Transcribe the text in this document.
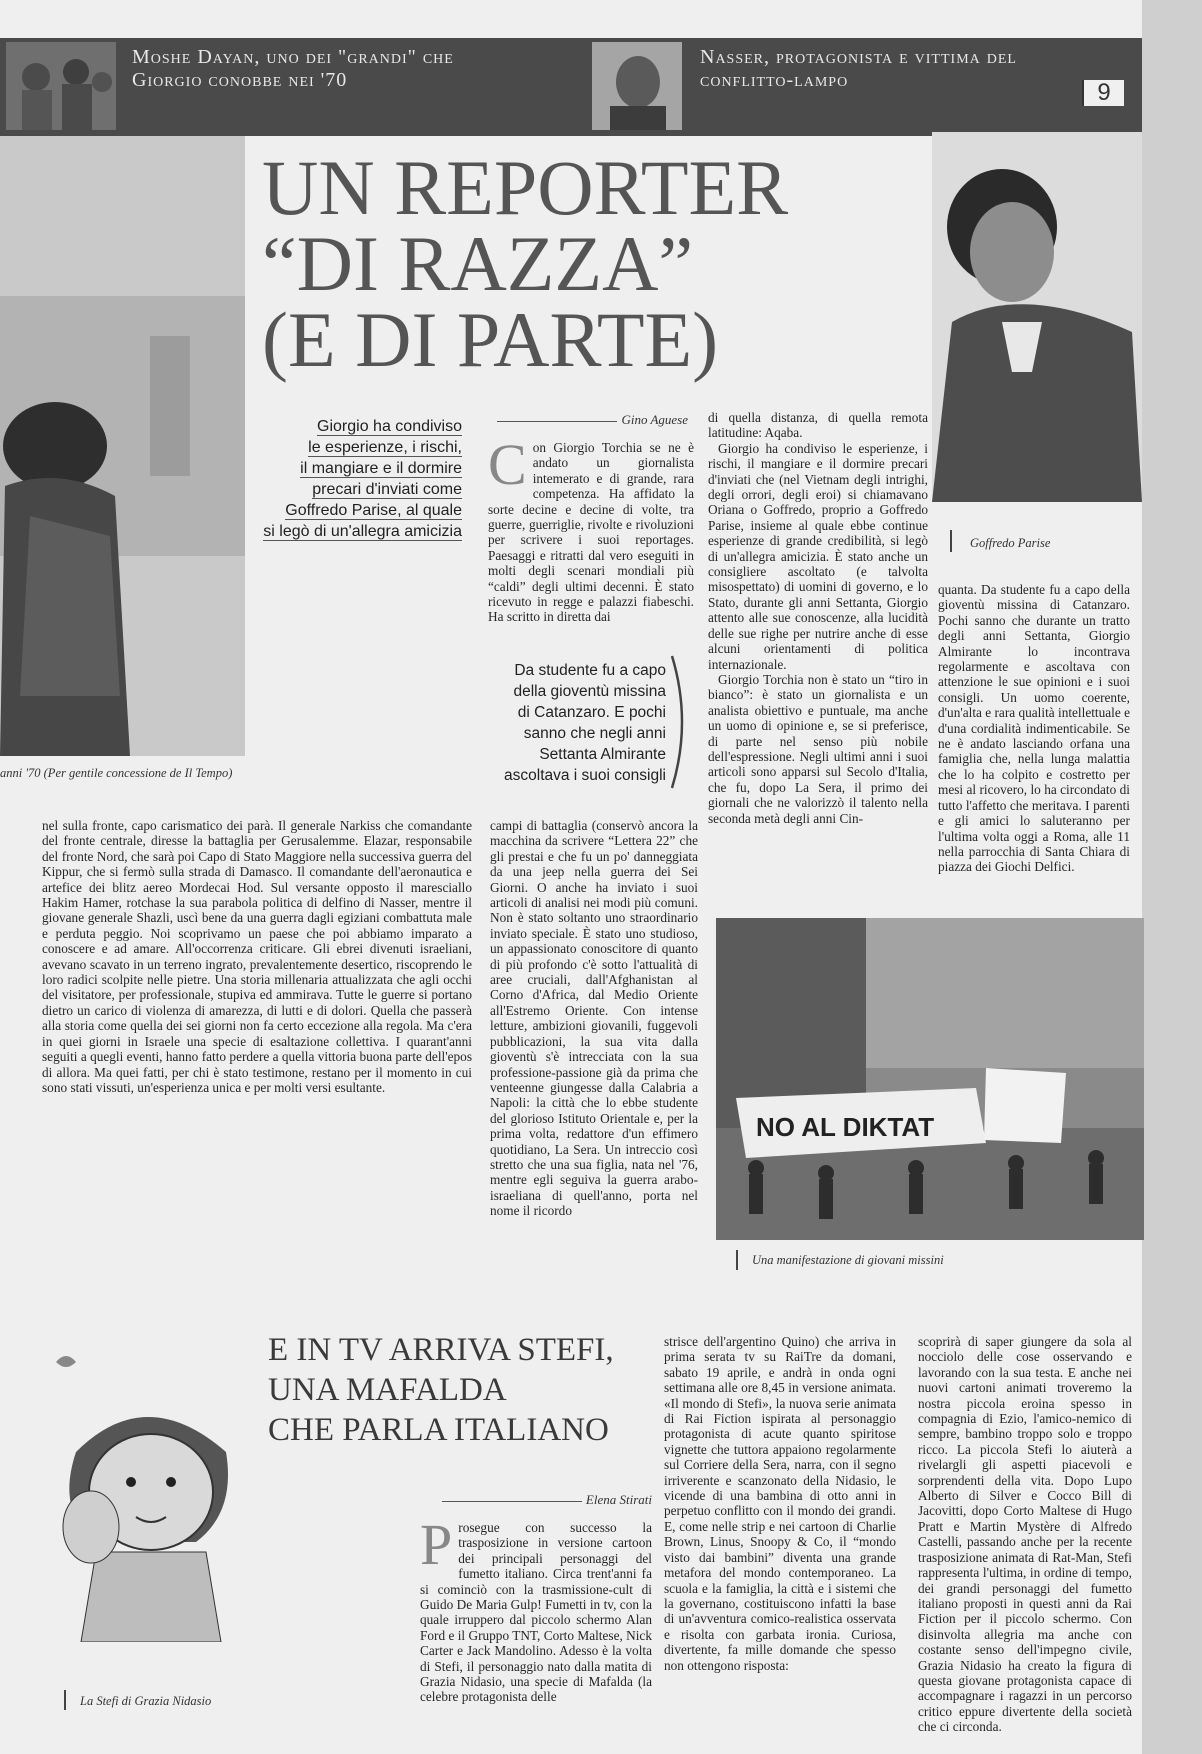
Moshe Dayan, uno dei "grandi" che Giorgio conobbe nei '70
Nasser, protagonista e vittima del conflitto-lampo	9
anni '70 (Per gentile concessione de Il Tempo)
UN REPORTER
“DI RAZZA”
(E DI PARTE)
Goffredo Parise
Giorgio ha condiviso
le esperienze, i rischi,
il mangiare e il dormire
precari d'inviati come
Goffredo Parise, al quale
si legò di un'allegra amicizia
Gino Aguese
Con Giorgio Torchia se ne è andato un giornalista intemerato e di grande, rara competenza. Ha affidato la sorte decine e decine di volte, tra guerre, guerriglie, rivolte e rivoluzioni per scrivere i suoi reportages. Paesaggi e ritratti dal vero eseguiti in molti degli scenari mondiali più “caldi” degli ultimi decenni. È stato ricevuto in regge e palazzi fiabeschi. Ha scritto in diretta dai
Da studente fu a capo
della gioventù missina
di Catanzaro. E pochi
sanno che negli anni
Settanta Almirante
ascoltava i suoi consigli

di quella distanza, di quella remota latitudine: Aqaba.

Giorgio ha condiviso le esperienze, i rischi, il mangiare e il dormire precari d'inviati che (nel Vietnam degli intrighi, degli orrori, degli eroi) si chiamavano Oriana o Goffredo, proprio a Goffredo Parise, insieme al quale ebbe continue esperienze di grande credibilità, si legò di un'allegra amicizia. È stato anche un consigliere ascoltato (e talvolta misospettato) di uomini di governo, e lo Stato, durante gli anni Settanta, Giorgio attento alle sue conoscenze, alla lucidità delle sue righe per nutrire anche di esse alcuni orientamenti di politica internazionale.

Giorgio Torchia non è stato un “tiro in bianco”: è stato un giornalista e un analista obiettivo e puntuale, ma anche un uomo di opinione e, se si preferisce, di parte nel senso più nobile dell'espressione. Negli ultimi anni i suoi articoli sono apparsi sul Secolo d'Italia, che fu, dopo La Sera, il primo dei giornali che ne valorizzò il talento nella seconda metà degli anni Cin-

quanta. Da studente fu a capo della gioventù missina di Catanzaro. Pochi sanno che durante un tratto degli anni Settanta, Giorgio Almirante lo incontrava regolarmente e ascoltava con attenzione le sue opinioni e i suoi consigli. Un uomo coerente, d'un'alta e rara qualità intellettuale e d'una cordialità indimenticabile. Se ne è andato lasciando orfana una famiglia che, nella lunga malattia che lo ha colpito e costretto per mesi al ricovero, lo ha circondato di tutto l'affetto che meritava. I parenti e gli amici lo saluteranno per l'ultima volta oggi a Roma, alle 11 nella parrocchia di Santa Chiara di piazza dei Giochi Delfici.

nel sulla fronte, capo carismatico dei parà. Il generale Narkiss che comandante del fronte centrale, diresse la battaglia per Gerusalemme. Elazar, responsabile del fronte Nord, che sarà poi Capo di Stato Maggiore nella successiva guerra del Kippur, che si fermò sulla strada di Damasco. Il comandante dell'aeronautica e artefice dei blitz aereo Mordecai Hod. Sul versante opposto il maresciallo Hakim Hamer, rotchase la sua parabola politica di delfino di Nasser, mentre il giovane generale Shazli, uscì bene da una guerra dagli egiziani combattuta male e perduta peggio. Noi scoprivamo un paese che poi abbiamo imparato a conoscere e ad amare. All'occorrenza criticare. Gli ebrei divenuti israeliani, avevano scavato in un terreno ingrato, prevalentemente desertico, riscoprendo le loro radici scolpite nelle pietre. Una storia millenaria attualizzata che agli occhi del visitatore, per professionale, stupiva ed ammirava. Tutte le guerre si portano dietro un carico di violenza di amarezza, di lutti e di dolori. Quella che passerà alla storia come quella dei sei giorni non fa certo eccezione alla regola. Ma c'era in quei giorni in Israele una specie di esaltazione collettiva. I quarant'anni seguiti a quegli eventi, hanno fatto perdere a quella vittoria buona parte dell'epos di allora. Ma quei fatti, per chi è stato testimone, restano per il momento in cui sono stati vissuti, un'esperienza unica e per molti versi esultante.

campi di battaglia (conservò ancora la macchina da scrivere “Lettera 22” che gli prestai e che fu un po' danneggiata da una jeep nella guerra dei Sei Giorni. O anche ha inviato i suoi articoli di analisi nei modi più comuni. Non è stato soltanto uno straordinario inviato speciale. È stato uno studioso, un appassionato conoscitore di quanto di più profondo c'è sotto l'attualità di aree cruciali, dall'Afghanistan al Corno d'Africa, dal Medio Oriente all'Estremo Oriente. Con intense letture, ambizioni giovanili, fuggevoli pubblicazioni, la sua vita dalla gioventù s'è intrecciata con la sua professione-passione già da prima che venteenne giungesse dalla Calabria a Napoli: la città che lo ebbe studente del glorioso Istituto Orientale e, per la prima volta, redattore d'un effimero quotidiano, La Sera. Un intreccio così stretto che una sua figlia, nata nel '76, mentre egli seguiva la guerra arabo-israeliana di quell'anno, porta nel nome il ricordo

NO AL DIKTAT
Una manifestazione di giovani missini
La Stefi di Grazia Nidasio
E IN TV ARRIVA STEFI,
UNA MAFALDA
CHE PARLA ITALIANO
Elena Stirati
Prosegue con successo la trasposizione in versione cartoon dei principali personaggi del fumetto italiano. Circa trent'anni fa si cominciò con la trasmissione-cult di Guido De Maria Gulp! Fumetti in tv, con la quale irruppero dal piccolo schermo Alan Ford e il Gruppo TNT, Corto Maltese, Nick Carter e Jack Mandolino. Adesso è la volta di Stefi, il personaggio nato dalla matita di Grazia Nidasio, una specie di Mafalda (la celebre protagonista delle

strisce dell'argentino Quino) che arriva in prima serata tv su RaiTre da domani, sabato 19 aprile, e andrà in onda ogni settimana alle ore 8,45 in versione animata. «Il mondo di Stefi», la nuova serie animata di Rai Fiction ispirata al personaggio protagonista di acute quanto spiritose vignette che tuttora appaiono regolarmente sul Corriere della Sera, narra, con il segno irriverente e scanzonato della Nidasio, le vicende di una bambina di otto anni in perpetuo conflitto con il mondo dei grandi. E, come nelle strip e nei cartoon di Charlie Brown, Linus, Snoopy & Co, il “mondo visto dai bambini” diventa una grande metafora del mondo contemporaneo. La scuola e la famiglia, la città e i sistemi che la governano, costituiscono infatti la base di un'avventura comico-realistica osservata e risolta con garbata ironia. Curiosa, divertente, fa mille domande che spesso non ottengono risposta:

scoprirà di saper giungere da sola al nocciolo delle cose osservando e lavorando con la sua testa. E anche nei nuovi cartoni animati troveremo la nostra piccola eroina spesso in compagnia di Ezio, l'amico-nemico di sempre, bambino troppo solo e troppo ricco. La piccola Stefi lo aiuterà a rivelargli gli aspetti piacevoli e sorprendenti della vita. Dopo Lupo Alberto di Silver e Cocco Bill di Jacovitti, dopo Corto Maltese di Hugo Pratt e Martin Mystère di Alfredo Castelli, passando anche per la recente trasposizione animata di Rat-Man, Stefi rappresenta l'ultima, in ordine di tempo, dei grandi personaggi del fumetto italiano proposti in questi anni da Rai Fiction per il piccolo schermo. Con disinvolta allegria ma anche con costante senso dell'impegno civile, Grazia Nidasio ha creato la figura di questa giovane protagonista capace di accompagnare i ragazzi in un percorso critico eppure divertente della società che ci circonda.
